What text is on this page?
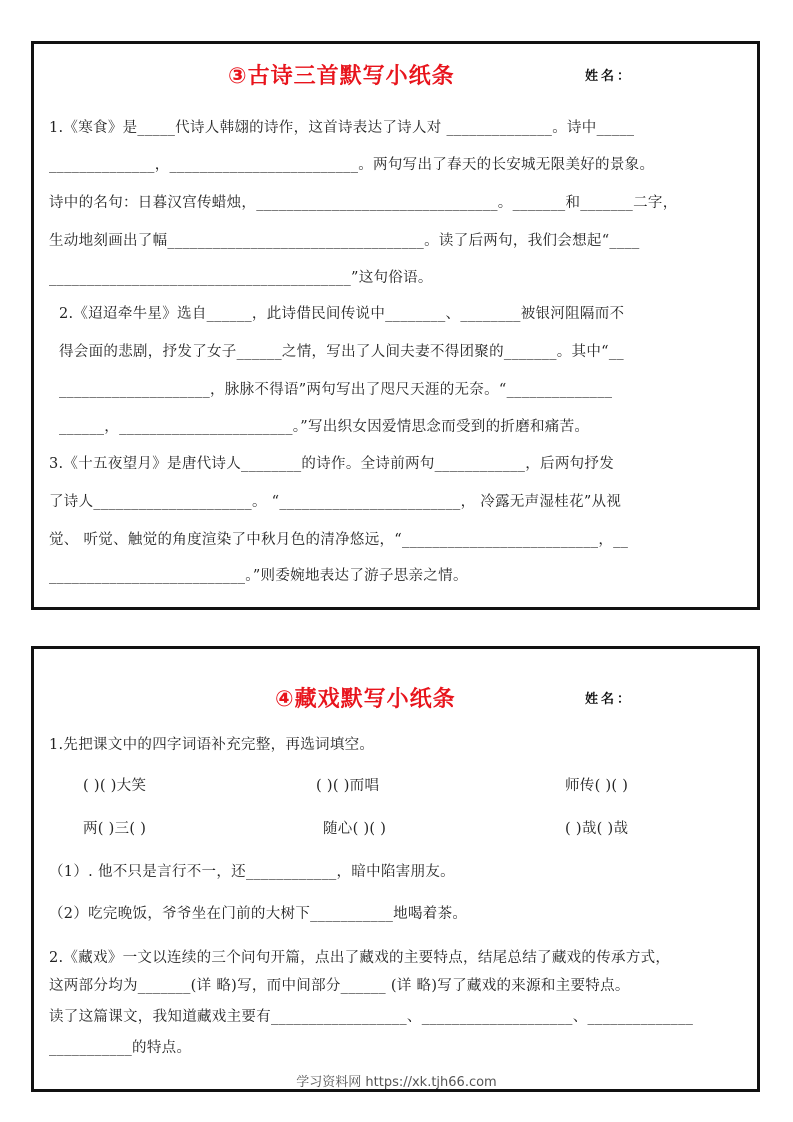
③古诗三首默写小纸条	姓名：
1.《寒食》是_____代诗人韩翃的诗作，这首诗表达了诗人对 ______________。诗中_____
______________，_________________________。两句写出了春天的长安城无限美好的景象。
诗中的名句：日暮汉宫传蜡烛，________________________________。_______和_______二字，
生动地刻画出了幅__________________________________。读了后两句，我们会想起“____
________________________________________”这句俗语。
2.《迢迢牵牛星》选自______，此诗借民间传说中________、________被银河阻隔而不
得会面的悲剧，抒发了女子______之情，写出了人间夫妻不得团聚的_______。其中“__
____________________，脉脉不得语”两句写出了咫尺天涯的无奈。“______________
______，_______________________。”写出织女因爱情思念而受到的折磨和痛苦。
3.《十五夜望月》是唐代诗人________的诗作。全诗前两句____________，后两句抒发
了诗人_____________________。 “________________________， 冷露无声湿桂花”从视
觉、 听觉、触觉的角度渲染了中秋月色的清净悠远，“__________________________，__
__________________________。”则委婉地表达了游子思亲之情。
④藏戏默写小纸条	姓名：
1.先把课文中的四字词语补充完整，再选词填空。
( )( )大笑	( )( )而唱	师传( )( )
两( )三( )	随心( )( )	( )哉( )哉
（1）. 他不只是言行不一，还____________，暗中陷害朋友。
（2）吃完晚饭，爷爷坐在门前的大树下___________地喝着茶。
2.《藏戏》一文以连续的三个问句开篇，点出了藏戏的主要特点，结尾总结了藏戏的传承方式，
这两部分均为_______(详 略)写，而中间部分______ (详 略)写了藏戏的来源和主要特点。
读了这篇课文，我知道藏戏主要有__________________、____________________、______________
___________的特点。
学习资料网 https://xk.tjh66.com
